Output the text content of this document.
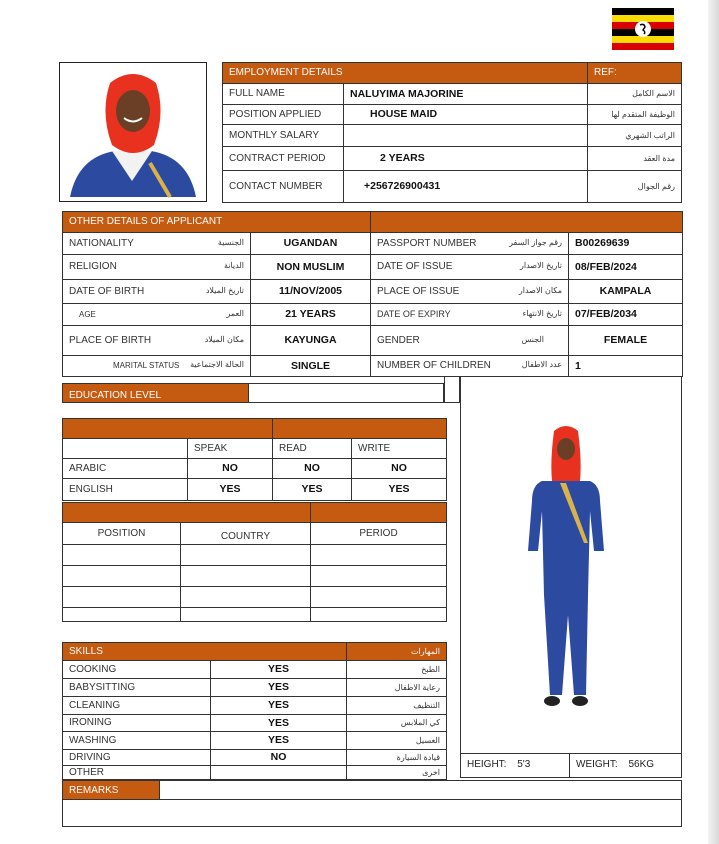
EMPLOYMENT DETAILS		REF:
FULL NAME	NALUYIMA MAJORINE	الاسم الكامل
POSITION APPLIED	HOUSE MAID	الوظيفة المتقدم لها
MONTHLY SALARY		الراتب الشهري
CONTRACT PERIOD	2 YEARS	مدة العقد
CONTACT NUMBER	+256726900431	رقم الجوال
OTHER DETAILS OF APPLICANT			
NATIONALITY الجنسية	UGANDAN	PASSPORT NUMBER رقم جواز السفر	B00269639
RELIGION الديانة	NON MUSLIM	DATE OF ISSUE تاريخ الاصدار	08/FEB/2024
DATE OF BIRTH تاريخ الميلاد	11/NOV/2005	PLACE OF ISSUE مكان الاصدار	KAMPALA
AGE العمر	21 YEARS	DATE OF EXPIRY تاريخ الانتهاء	07/FEB/2034
PLACE OF BIRTH مكان الميلاد	KAYUNGA	GENDER الجنس	FEMALE
MARITAL STATUS الحالة الاجتماعية	SINGLE	NUMBER OF CHILDREN عدد الاطفال	1
EDUCATION LEVEL

	SPEAK	READ	WRITE
ARABIC	NO	NO	NO
ENGLISH	YES	YES	YES

POSITION	COUNTRY	PERIOD

SKILLS		المهارات
COOKING	YES	الطبخ
BABYSITTING	YES	رعاية الاطفال
CLEANING	YES	التنظيف
IRONING	YES	كي الملابس
WASHING	YES	الغسيل
DRIVING	NO	قيادة السيارة
OTHER		اخرى
HEIGHT: 5'3	WEIGHT: 56KG
REMARKS
